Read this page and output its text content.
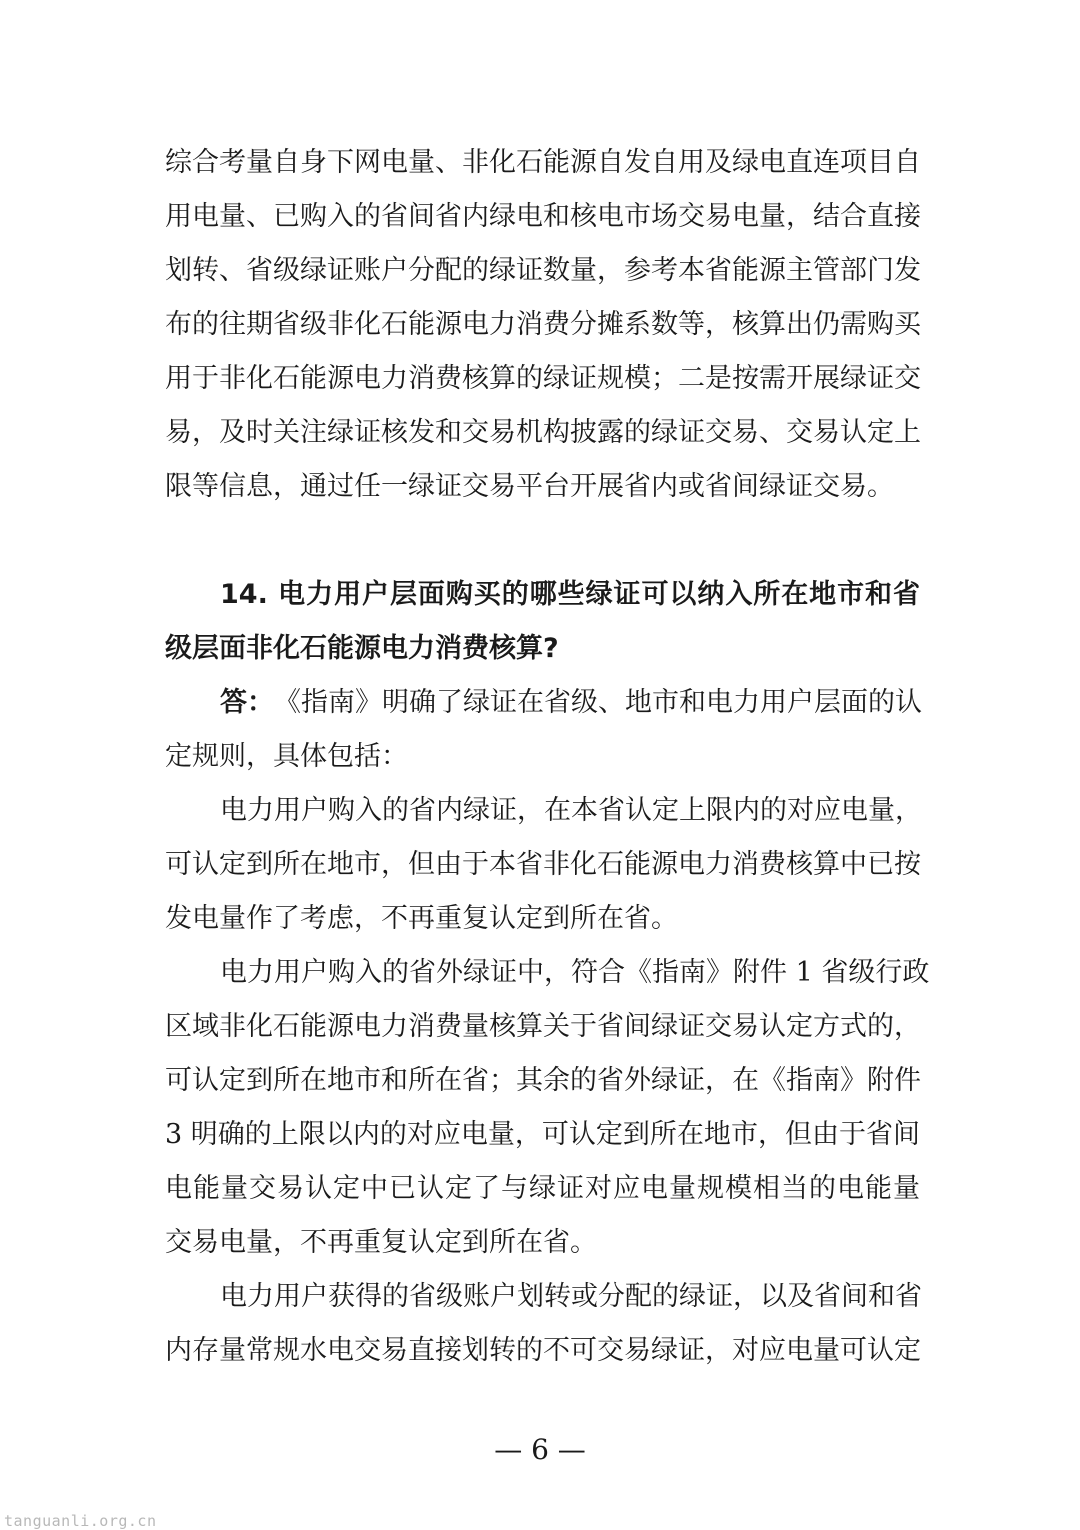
综合考量自身下网电量、非化石能源自发自用及绿电直连项目自
用电量、已购入的省间省内绿电和核电市场交易电量，结合直接
划转、省级绿证账户分配的绿证数量，参考本省能源主管部门发
布的往期省级非化石能源电力消费分摊系数等，核算出仍需购买
用于非化石能源电力消费核算的绿证规模；二是按需开展绿证交
易，及时关注绿证核发和交易机构披露的绿证交易、交易认定上
限等信息，通过任一绿证交易平台开展省内或省间绿证交易。
14. 电力用户层面购买的哪些绿证可以纳入所在地市和省
级层面非化石能源电力消费核算?
答： 《指南》明确了绿证在省级、地市和电力用户层面的认
定规则，具体包括：
电力用户购入的省内绿证，在本省认定上限内的对应电量，
可认定到所在地市，但由于本省非化石能源电力消费核算中已按
发电量作了考虑，不再重复认定到所在省。
电力用户购入的省外绿证中，符合《指南》附件 1 省级行政
区域非化石能源电力消费量核算关于省间绿证交易认定方式的，
可认定到所在地市和所在省；其余的省外绿证，在《指南》附件
3 明确的上限以内的对应电量，可认定到所在地市，但由于省间
电能量交易认定中已认定了与绿证对应电量规模相当的电能量
交易电量，不再重复认定到所在省。
电力用户获得的省级账户划转或分配的绿证，以及省间和省
内存量常规水电交易直接划转的不可交易绿证，对应电量可认定
— 6 —
tanguanli.org.cn
